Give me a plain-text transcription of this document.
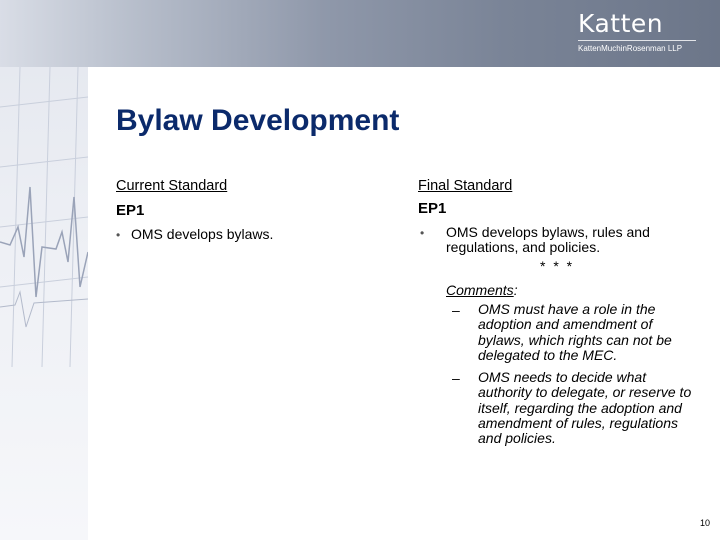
Katten
KattenMuchinRosenman LLP
Bylaw Development
Current Standard
EP1
• OMS develops bylaws.
Final Standard
EP1
• OMS develops bylaws, rules and regulations, and policies.
* * *
Comments:
– OMS must have a role in the adoption and amendment of bylaws, which rights can not be delegated to the MEC.
– OMS needs to decide what authority to delegate, or reserve to itself, regarding the adoption and amendment of rules, regulations and policies.
10
